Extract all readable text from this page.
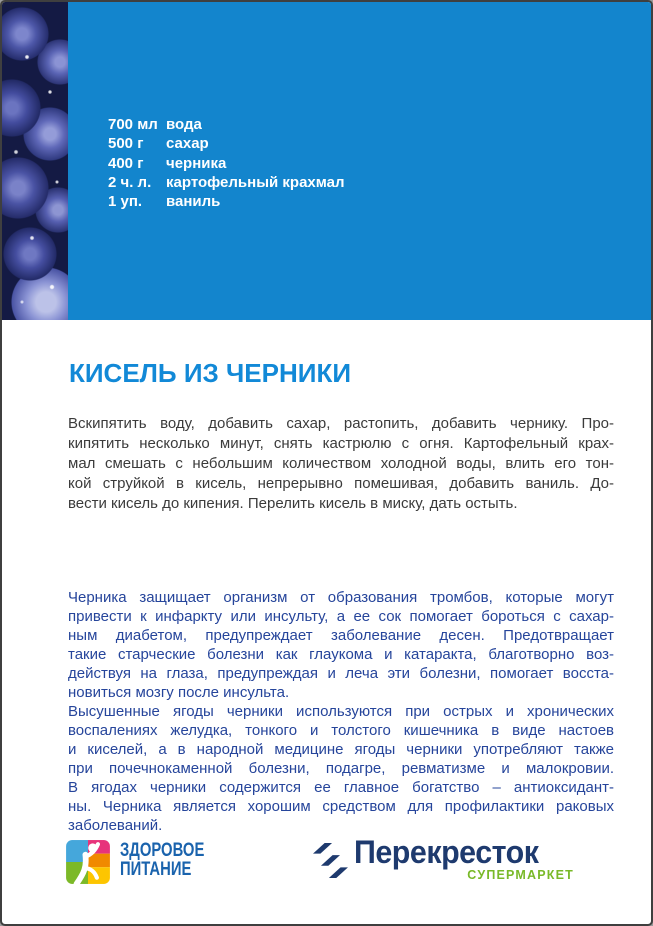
700 мл вода
500 г	сахар
400 г	черника
2 ч. л. картофельный крахмал
1 уп.	ваниль
КИСЕЛЬ ИЗ ЧЕРНИКИ
Вскипятить воду, добавить сахар, растопить, добавить чернику. Про-
кипятить несколько минут, снять кастрюлю с огня. Картофельный крах-
мал смешать с небольшим количеством холодной воды, влить его тон-
кой струйкой в кисель, непрерывно помешивая, добавить ваниль. До-
вести кисель до кипения. Перелить кисель в миску, дать остыть.
Черника защищает организм от образования тромбов, которые могут
привести к инфаркту или инсульту, а ее сок помогает бороться с сахар-
ным диабетом, предупреждает заболевание десен. Предотвращает
такие старческие болезни как глаукома и катаракта, благотворно воз-
действуя на глаза, предупреждая и леча эти болезни, помогает восста-
новиться мозгу после инсульта.
Высушенные ягоды черники используются при острых и хронических
воспалениях желудка, тонкого и толстого кишечника в виде настоев
и киселей, а в народной медицине ягоды черники употребляют также
при почечнокаменной болезни, подагре, ревматизме и малокровии.
В ягодах черники содержится ее главное богатство – антиоксидант-
ны. Черника является хорошим средством для профилактики раковых
заболеваний.
ЗДОРОВОЕ
ПИТАНИЕ	Перекресток
СУПЕРМАРКЕТ
